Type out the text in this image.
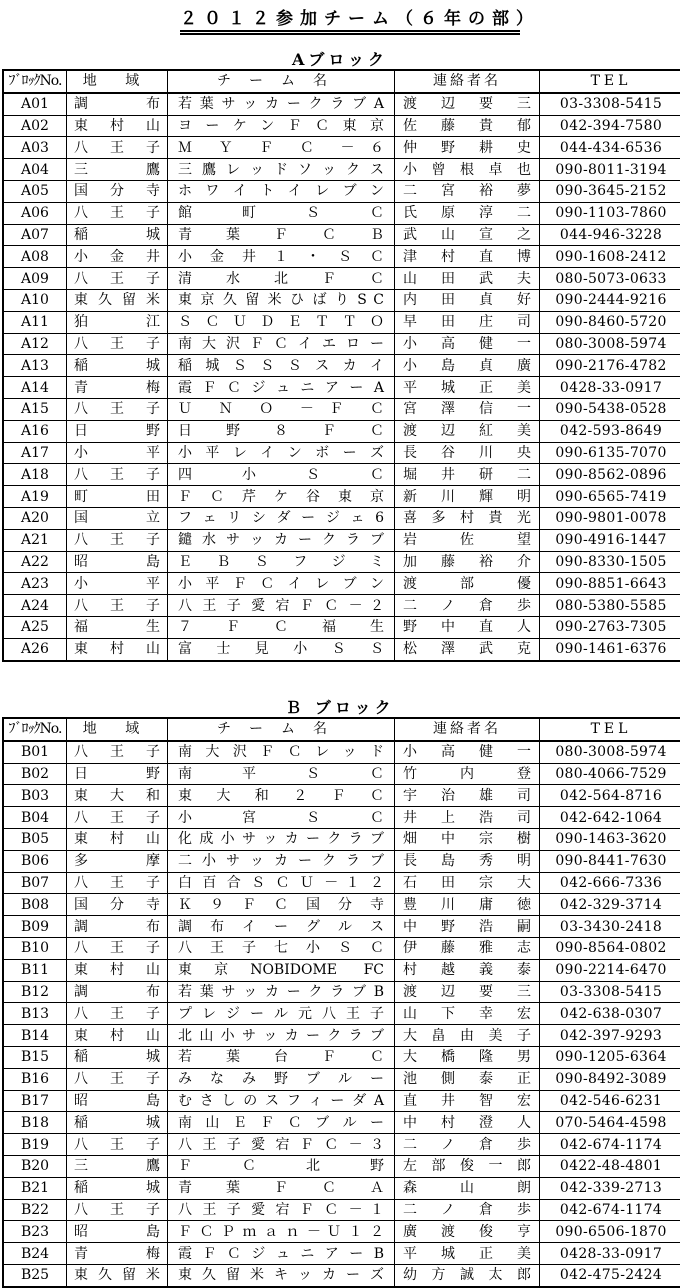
２０１２参加チーム（６年の部）
Aブロック
ﾌﾞﾛｯｸNo.	地 域	チーム名	連絡者名	TEL
A01	調 布	若 葉 サ ッ カ ー ク ラ ブ A	渡 辺 要 三	03-3308-5415
A02	東 村 山	ヨ ー ケ ン Ｆ Ｃ 東 京	佐 藤 貴 郁	042-394-7580
A03	八 王 子	Ｍ Ｙ Ｆ Ｃ － ６	仲 野 耕 史	044-434-6536
A04	三 鷹	三 鷹 レ ッ ド ソ ッ ク ス	小 曾 根 卓 也	090-8011-3194
A05	国 分 寺	ホ ワ イ ト イ レ ブ ン	二 宮 裕 夢	090-3645-2152
A06	八 王 子	館 町 Ｓ Ｃ	氏 原 淳 二	090-1103-7860
A07	稲 城	青 葉 Ｆ Ｃ Ｂ	武 山 宣 之	044-946-3228
A08	小 金 井	小 金 井 １ ・ Ｓ Ｃ	津 村 直 博	090-1608-2412
A09	八 王 子	清 水 北 Ｆ Ｃ	山 田 武 夫	080-5073-0633
A10	東 久 留 米	東 京 久 留 米 ひ ば り S C	内 田 貞 好	090-2444-9216
A11	狛 江	Ｓ Ｃ Ｕ Ｄ Ｅ Ｔ Ｔ Ｏ	早 田 庄 司	090-8460-5720
A12	八 王 子	南 大 沢 Ｆ Ｃ イ エ ロ ー	小 高 健 一	080-3008-5974
A13	稲 城	稲 城 Ｓ Ｓ Ｓ ス カ イ	小 島 貞 廣	090-2176-4782
A14	青 梅	霞 Ｆ Ｃ ジ ュ ニ ア ー A	平 城 正 美	0428-33-0917
A15	八 王 子	Ｕ Ｎ Ｏ － Ｆ Ｃ	宮 澤 信 一	090-5438-0528
A16	日 野	日 野 ８ Ｆ Ｃ	渡 辺 紅 美	042-593-8649
A17	小 平	小 平 レ イ ン ボ ー ズ	長 谷 川 央	090-6135-7070
A18	八 王 子	四 小 Ｓ Ｃ	堀 井 研 二	090-8562-0896
A19	町 田	Ｆ Ｃ 芹 ケ 谷 東 京	新 川 輝 明	090-6565-7419
A20	国 立	フ ェ リ シ ダ ー ジ ェ 6	喜 多 村 貴 光	090-9801-0078
A21	八 王 子	鑓 水 サ ッ カ ー ク ラ ブ	岩 佐 望	090-4916-1447
A22	昭 島	Ｅ Ｂ Ｓ フ ジ ミ	加 藤 裕 介	090-8330-1505
A23	小 平	小 平 Ｆ Ｃ イ レ ブ ン	渡 部 優	090-8851-6643
A24	八 王 子	八 王 子 愛 宕 Ｆ Ｃ － ２	二 ノ 倉 歩	080-5380-5585
A25	福 生	７ Ｆ Ｃ 福 生	野 中 直 人	090-2763-7305
A26	東 村 山	富 士 見 小 Ｓ Ｓ	松 澤 武 克	090-1461-6376
Ｂ ブロック
ﾌﾞﾛｯｸNo.	地 域	チーム名	連絡者名	TEL
B01	八 王 子	南 大 沢 Ｆ Ｃ レ ッ ド	小 高 健 一	080-3008-5974
B02	日 野	南 平 Ｓ Ｃ	竹 内 登	080-4066-7529
B03	東 大 和	東 大 和 ２ Ｆ Ｃ	宇 治 雄 司	042-564-8716
B04	八 王 子	小 宮 Ｓ Ｃ	井 上 浩 司	042-642-1064
B05	東 村 山	化 成 小 サ ッ カ ー ク ラ ブ	畑 中 宗 樹	090-1463-3620
B06	多 摩	二 小 サ ッ カ ー ク ラ ブ	長 島 秀 明	090-8441-7630
B07	八 王 子	白 百 合 Ｓ Ｃ Ｕ － １ ２	石 田 宗 大	042-666-7336
B08	国 分 寺	Ｋ ９ Ｆ Ｃ 国 分 寺	豊 川 庸 徳	042-329-3714
B09	調 布	調 布 イ ー グ ル ス	中 野 浩 嗣	03-3430-2418
B10	八 王 子	八 王 子 七 小 Ｓ Ｃ	伊 藤 雅 志	090-8564-0802
B11	東 村 山	東京NOBIDOME FC	村 越 義 泰	090-2214-6470
B12	調 布	若 葉 サ ッ カ ー ク ラ ブ B	渡 辺 要 三	03-3308-5415
B13	八 王 子	プ レ ジ ー ル 元 八 王 子	山 下 幸 宏	042-638-0307
B14	東 村 山	北 山 小 サ ッ カ ー ク ラ ブ	大 畠 由 美 子	042-397-9293
B15	稲 城	若 葉 台 Ｆ Ｃ	大 橋 隆 男	090-1205-6364
B16	八 王 子	み な み 野 ブ ル ー	池 側 泰 正	090-8492-3089
B17	昭 島	む さ し の ス フ ィ ー ダ A	直 井 智 宏	042-546-6231
B18	稲 城	南 山 Ｅ Ｆ Ｃ ブ ル ー	中 村 澄 人	070-5464-4598
B19	八 王 子	八 王 子 愛 宕 Ｆ Ｃ － ３	二 ノ 倉 歩	042-674-1174
B20	三 鷹	Ｆ Ｃ 北 野	左 部 俊 一 郎	0422-48-4801
B21	稲 城	青 葉 Ｆ Ｃ Ａ	森 山 朗	042-339-2713
B22	八 王 子	八 王 子 愛 宕 Ｆ Ｃ － １	二 ノ 倉 歩	042-674-1174
B23	昭 島	Ｆ Ｃ Ｐ ｍ ａ ｎ － Ｕ １ ２	廣 渡 俊 亨	090-6506-1870
B24	青 梅	霞 Ｆ Ｃ ジ ュ ニ ア ー B	平 城 正 美	0428-33-0917
B25	東 久 留 米	東 久 留 米 キ ッ カ ー ズ	幼 方 誠 太 郎	042-475-2424
